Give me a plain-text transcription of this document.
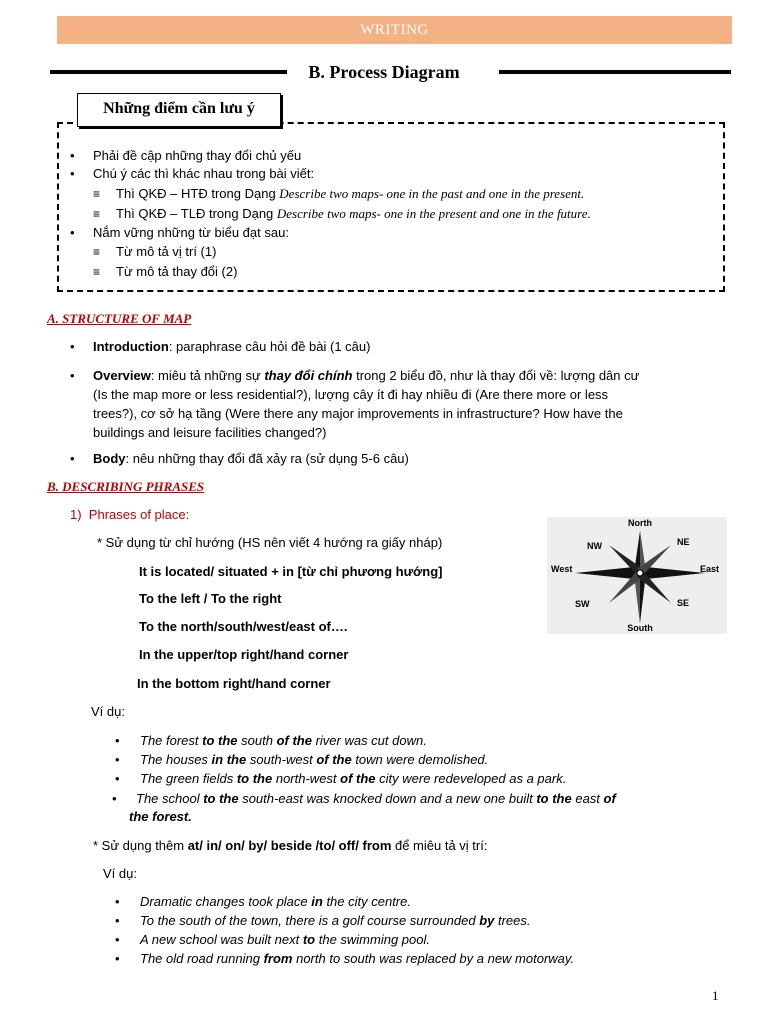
WRITING
B. Process Diagram
Những điểm cần lưu ý
• Phải đề cập những thay đổi chủ yếu
• Chú ý các thì khác nhau trong bài viết:
≡ Thì QKĐ – HTĐ trong Dạng Describe two maps- one in the past and one in the present.
≡ Thì QKĐ – TLĐ trong Dạng Describe two maps- one in the present and one in the future.
• Nắm vững những từ biểu đạt sau:
≡ Từ mô tả vị trí (1)
≡ Từ mô tả thay đổi (2)
A. STRUCTURE OF MAP
• Introduction: paraphrase câu hỏi đề bài (1 câu)
• Overview: miêu tả những sự thay đổi chính trong 2 biểu đồ, như là thay đổi về: lượng dân cư
(Is the map more or less residential?), lượng cây ít đi hay nhiều đi (Are there more or less
trees?), cơ sở hạ tầng (Were there any major improvements in infrastructure? How have the
buildings and leisure facilities changed?)
• Body: nêu những thay đổi đã xảy ra (sử dụng 5-6 câu)
B. DESCRIBING PHRASES
1) Phrases of place:
* Sử dụng từ chỉ hướng (HS nên viết 4 hướng ra giấy nháp)
It is located/ situated + in [từ chỉ phương hướng]
To the left / To the right
To the north/south/west/east of….
In the upper/top right/hand corner
In the bottom right/hand corner
North
South
West	East
NE
NW
SE
SW
Ví dụ:
• The forest to the south of the river was cut down.
• The houses in the south-west of the town were demolished.
• The green fields to the north-west of the city were redeveloped as a park.
• The school to the south-east was knocked down and a new one built to the east of
the forest.
* Sử dụng thêm at/ in/ on/ by/ beside /to/ off/ from để miêu tả vị trí:
Ví dụ:
• Dramatic changes took place in the city centre.
• To the south of the town, there is a golf course surrounded by trees.
• A new school was built next to the swimming pool.
• The old road running from north to south was replaced by a new motorway.
1
